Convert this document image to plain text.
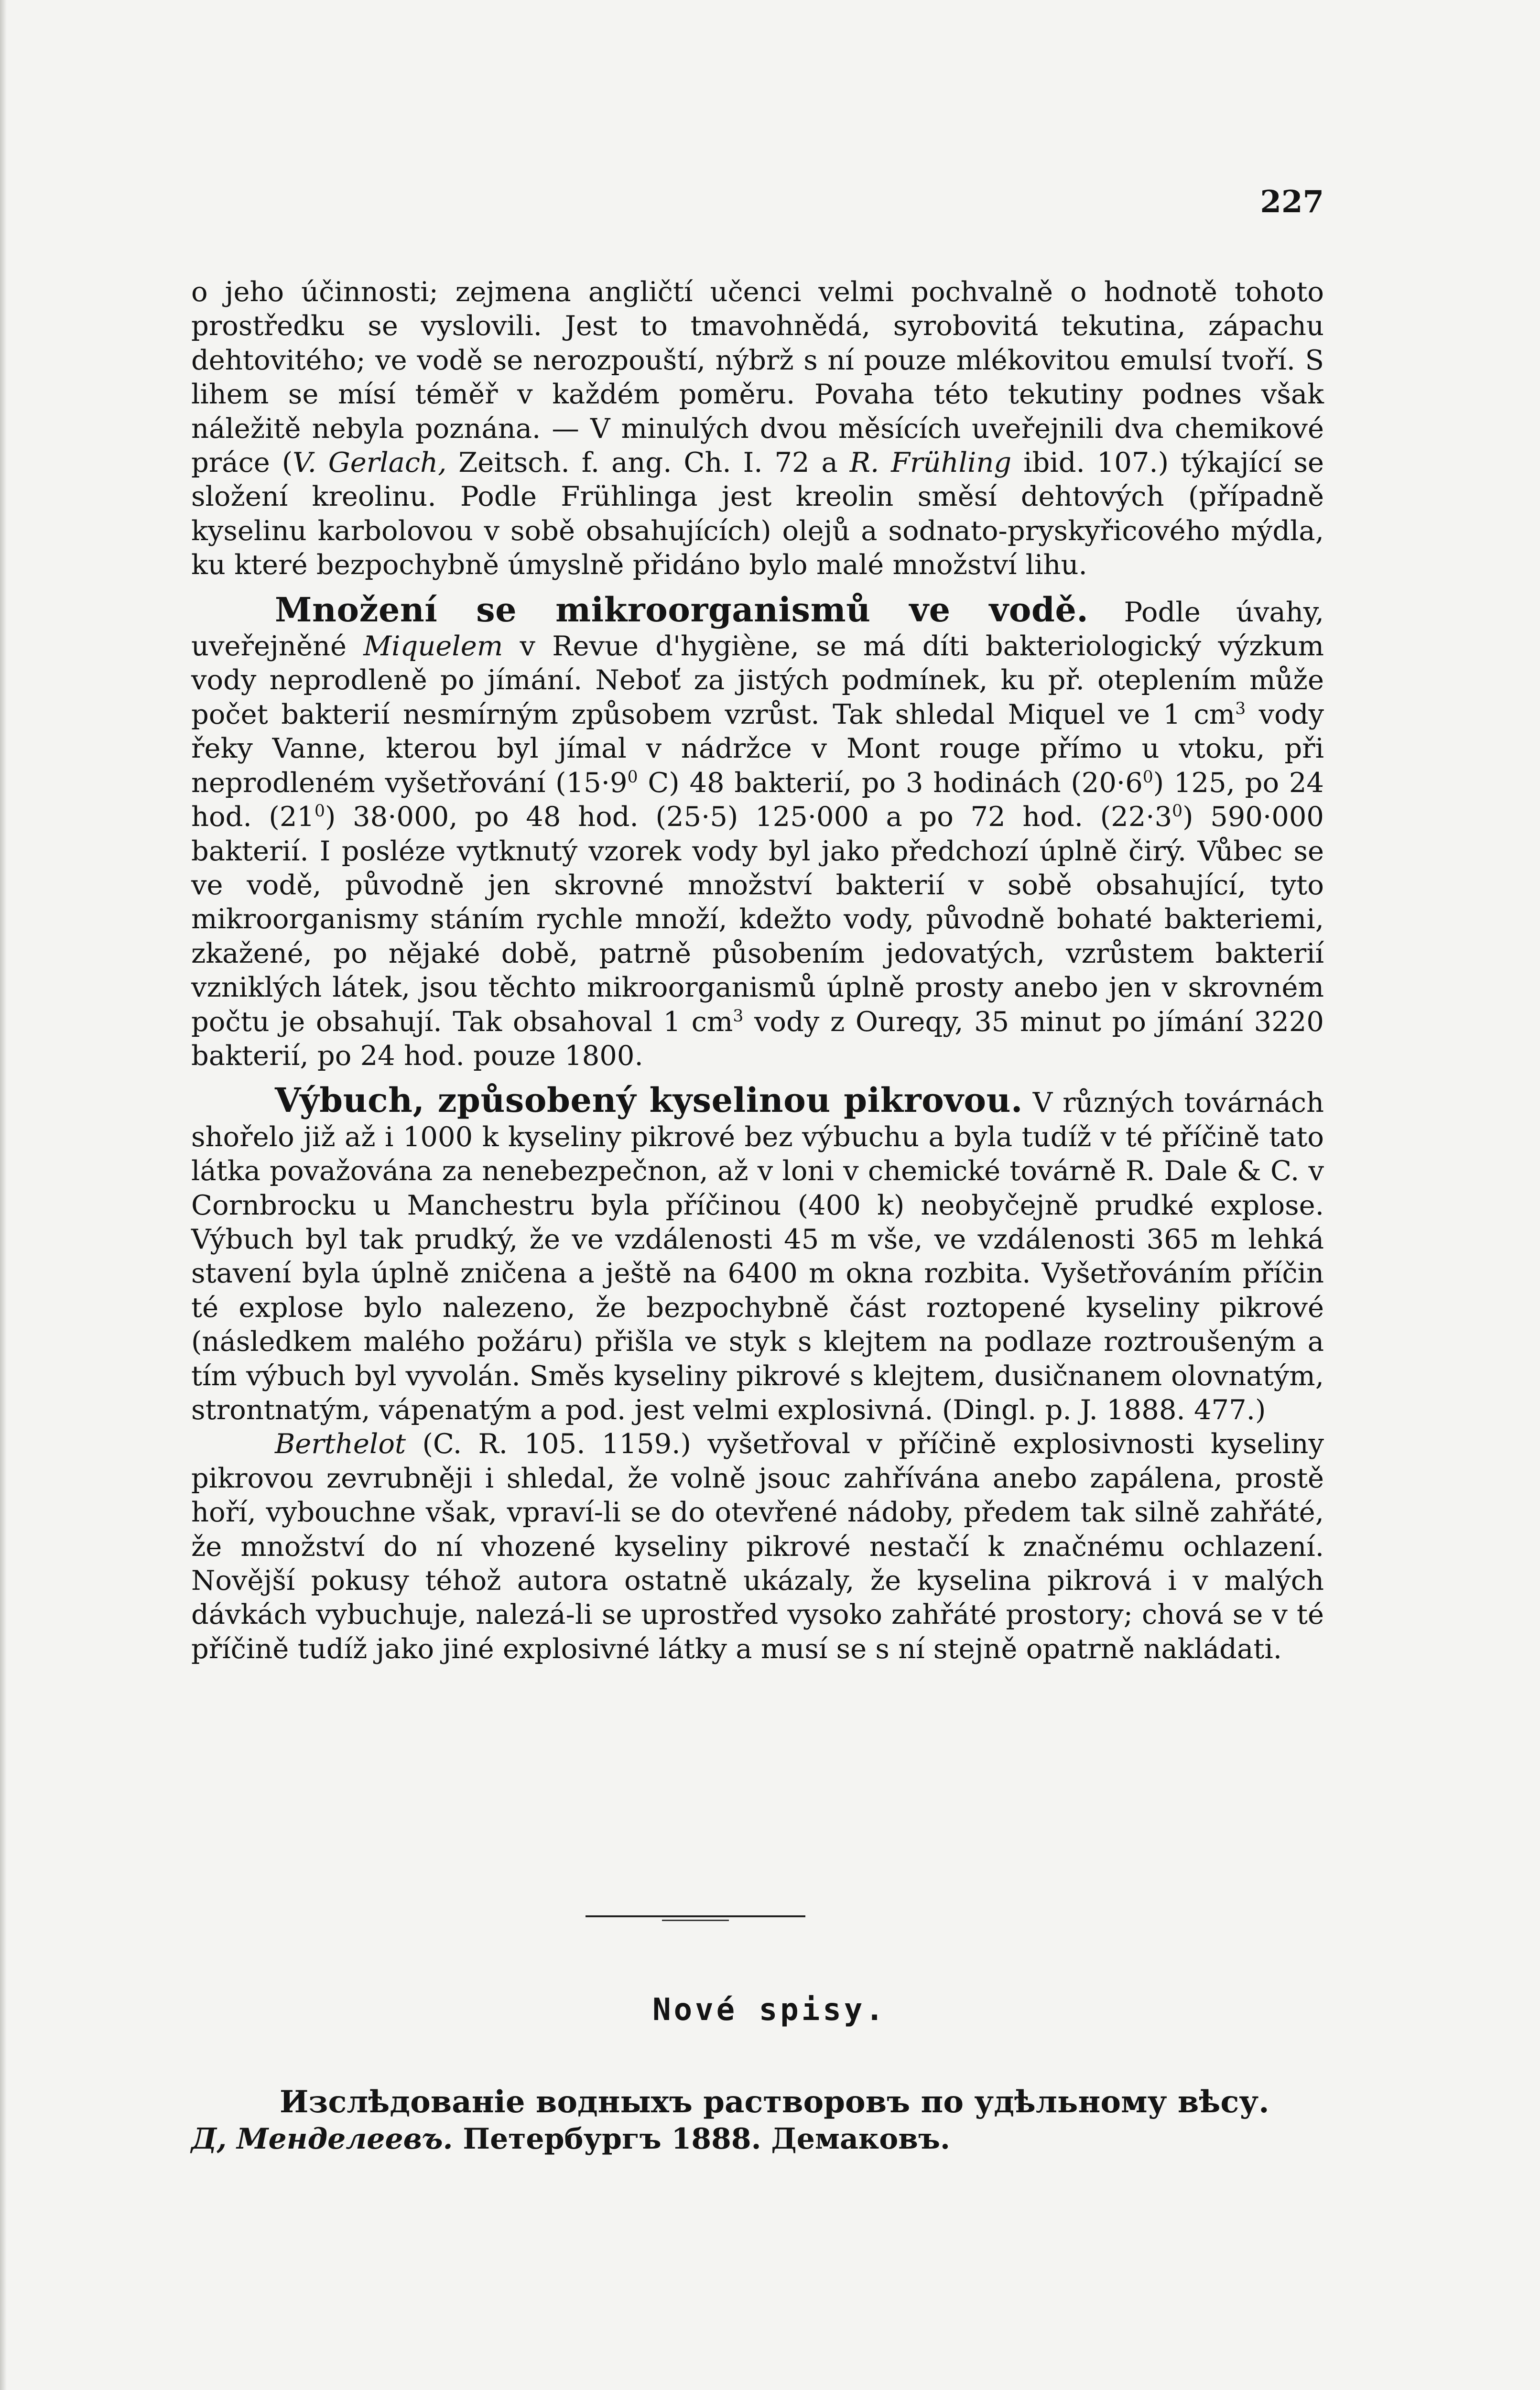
227

o jeho účinnosti; zejmena angličtí učenci velmi pochvalně o hodnotě tohoto prostředku se vyslovili. Jest to tmavohnědá, syrobovitá tekutina, zápachu dehtovitého; ve vodě se nerozpouští, nýbrž s ní pouze mlékovitou emulsí tvoří. S lihem se mísí téměř v každém poměru. Povaha této tekutiny podnes však náležitě nebyla poznána. — V minulých dvou měsících uveřejnili dva chemikové práce (V. Gerlach, Zeitsch. f. ang. Ch. I. 72 a R. Frühling ibid. 107.) týkající se složení kreolinu. Podle Frühlinga jest kreolin směsí dehtových (případně kyselinu karbolovou v sobě obsahujících) olejů a sodnato-pryskyřicového mýdla, ku které bezpochybně úmyslně přidáno bylo malé množství lihu.

Množení se mikroorganismů ve vodě. Podle úvahy, uveřejněné Miquelem v Revue d'hygiène, se má díti bakteriologický výzkum vody neprodleně po jímání. Neboť za jistých podmínek, ku př. oteplením může počet bakterií nesmírným způsobem vzrůst. Tak shledal Miquel ve 1 $cm^3$ vody řeky Vanne, kterou byl jímal v nádržce v Mont rouge přímo u vtoku, při neprodleném vyšetřování ($15\cdot 9^0$ C) 48 bakterií, po 3 hodinách $(20\cdot 6^0)$ 125, po 24 hod. $(21^0)$ 38·000, po 48 hod. (25·5) 125·000 a po 72 hod. $(22\cdot 3^0)$ 590·000 bakterií. I posléze vytknutý vzorek vody byl jako předchozí úplně čirý. Vůbec se ve vodě, původně jen skrovné množství bakterií v sobě obsahující, tyto mikroorganismy stáním rychle množí, kdežto vody, původně bohaté bakteriemi, zkažené, po nějaké době, patrně působením jedovatých, vzrůstem bakterií vzniklých látek, jsou těchto mikroorganismů úplně prosty anebo jen v skrovném počtu je obsahují. Tak obsahoval 1 $cm^3$ vody z Oureqy, 35 minut po jímání 3220 bakterií, po 24 hod. pouze 1800.

Výbuch, způsobený kyselinou pikrovou. V různých továrnách shořelo již až i 1000 k kyseliny pikrové bez výbuchu a byla tudíž v té příčině tato látka považována za nenebezpečnon, až v loni v chemické továrně R. Dale & C. v Cornbrocku u Manchestru byla příčinou (400 k) neobyčejně prudké explose. Výbuch byl tak prudký, že ve vzdálenosti 45 m vše, ve vzdálenosti 365 m lehká stavení byla úplně zničena a ještě na 6400 m okna rozbita. Vyšetřováním příčin té explose bylo nalezeno, že bezpochybně část roztopené kyseliny pikrové (následkem malého požáru) přišla ve styk s klejtem na podlaze roztroušeným a tím výbuch byl vyvolán. Směs kyseliny pikrové s klejtem, dusičnanem olovnatým, strontnatým, vápenatým a pod. jest velmi explosivná. (Dingl. p. J. 1888. 477.)

Berthelot (C. R. 105. 1159.) vyšetřoval v příčině explosivnosti kyseliny pikrovou zevrubněji i shledal, že volně jsouc zahřívána anebo zapálena, prostě hoří, vybouchne však, vpraví-li se do otevřené nádoby, předem tak silně zahřáté, že množství do ní vhozené kyseliny pikrové nestačí k značnému ochlazení. Novější pokusy téhož autora ostatně ukázaly, že kyselina pikrová i v malých dávkách vybuchuje, nalezá-li se uprostřed vysoko zahřáté prostory; chová se v té příčině tudíž jako jiné explosivné látky a musí se s ní stejně opatrně nakládati.

Nové spisy.
Изслѣдованіе водныхъ растворовъ по удѣльному вѣсу.
Д, Менделеевъ. Петербургъ 1888. Демаковъ.
